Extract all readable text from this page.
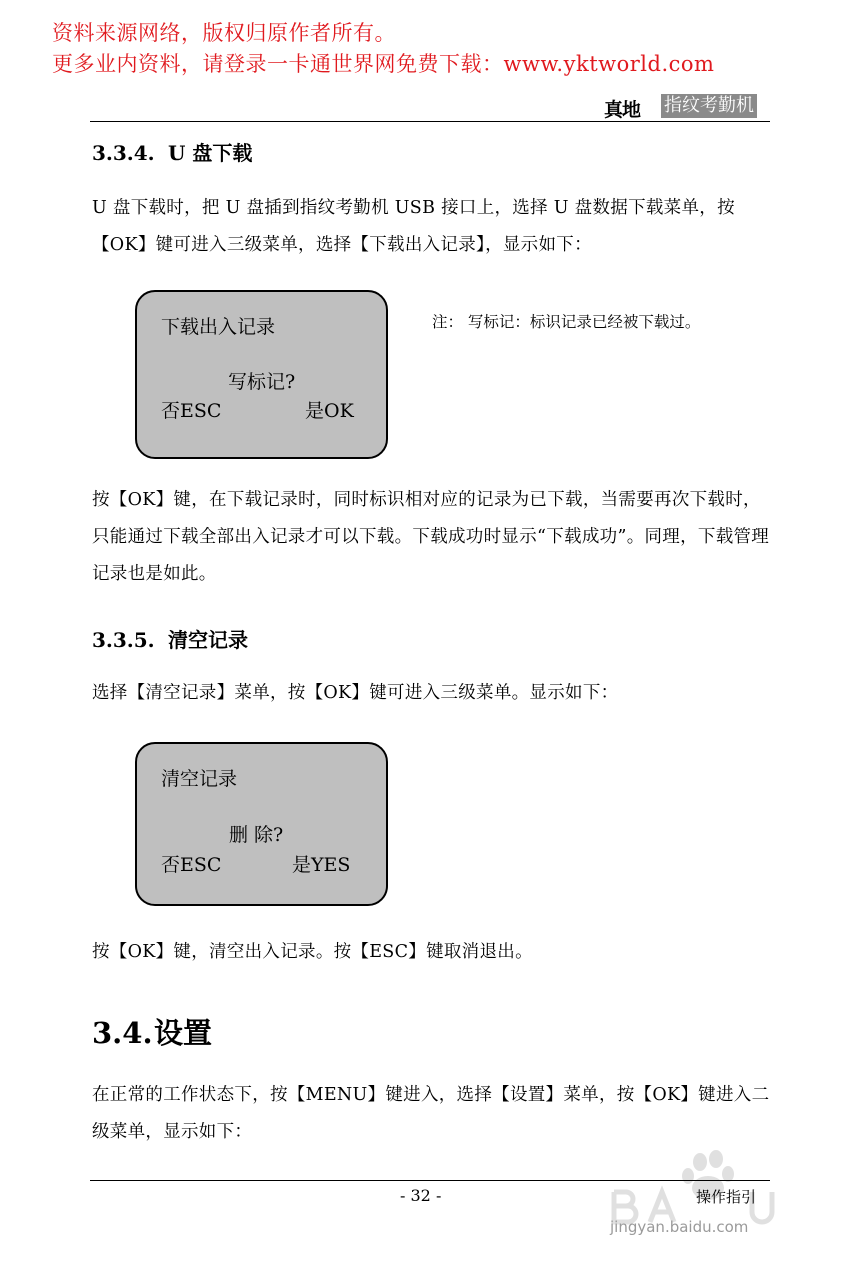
资料来源网络，版权归原作者所有。
更多业内资料，请登录一卡通世界网免费下载：www.yktworld.com
真地 指纹考勤机
3.3.4. U 盘下载
U 盘下载时，把 U 盘插到指纹考勤机 USB 接口上，选择 U 盘数据下载菜单，按【OK】键可进入三级菜单，选择【下载出入记录】，显示如下：
下载出入记录
写标记?
否ESC	是OK
注： 写标记：标识记录已经被下载过。
按【OK】键，在下载记录时，同时标识相对应的记录为已下载，当需要再次下载时，只能通过下载全部出入记录才可以下载。下载成功时显示“下载成功”。同理，下载管理记录也是如此。
3.3.5. 清空记录
选择【清空记录】菜单，按【OK】键可进入三级菜单。显示如下：
清空记录
删 除?
否ESC	是YES
按【OK】键，清空出入记录。按【ESC】键取消退出。
3.4.设置
在正常的工作状态下，按【MENU】键进入，选择【设置】菜单，按【OK】键进入二级菜单，显示如下：
jingyan.baidu.com
- 32 -	操作指引
